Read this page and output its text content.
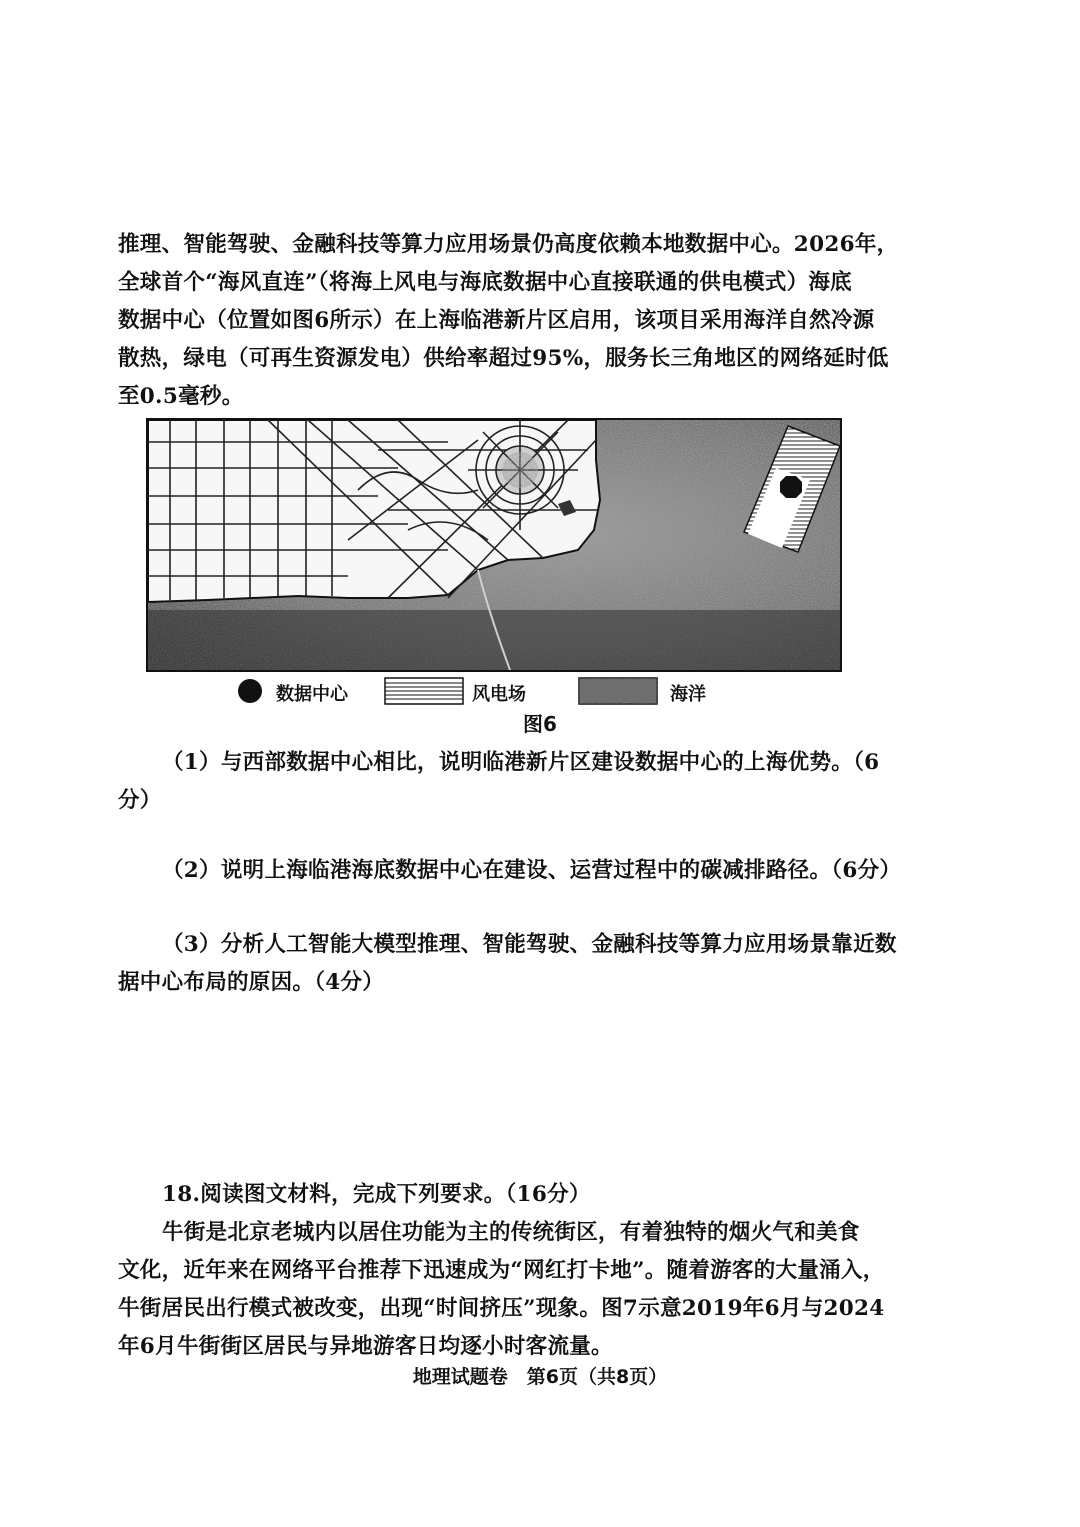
推理、智能驾驶、金融科技等算力应用场景仍高度依赖本地数据中心。2026年，
全球首个“海风直连”（将海上风电与海底数据中心直接联通的供电模式）海底
数据中心（位置如图6所示）在上海临港新片区启用，该项目采用海洋自然冷源
散热，绿电（可再生资源发电）供给率超过95%，服务长三角地区的网络延时低
至0.5毫秒。
数据中心	风电场	海洋
图6
（1）与西部数据中心相比，说明临港新片区建设数据中心的上海优势。（6
分）
（2）说明上海临港海底数据中心在建设、运营过程中的碳减排路径。（6分）
（3）分析人工智能大模型推理、智能驾驶、金融科技等算力应用场景靠近数
据中心布局的原因。（4分）
18.阅读图文材料，完成下列要求。（16分）
牛街是北京老城内以居住功能为主的传统街区，有着独特的烟火气和美食
文化，近年来在网络平台推荐下迅速成为“网红打卡地”。随着游客的大量涌入，
牛街居民出行模式被改变，出现“时间挤压”现象。图7示意2019年6月与2024
年6月牛街街区居民与异地游客日均逐小时客流量。
地理试题卷　第6页（共8页）
